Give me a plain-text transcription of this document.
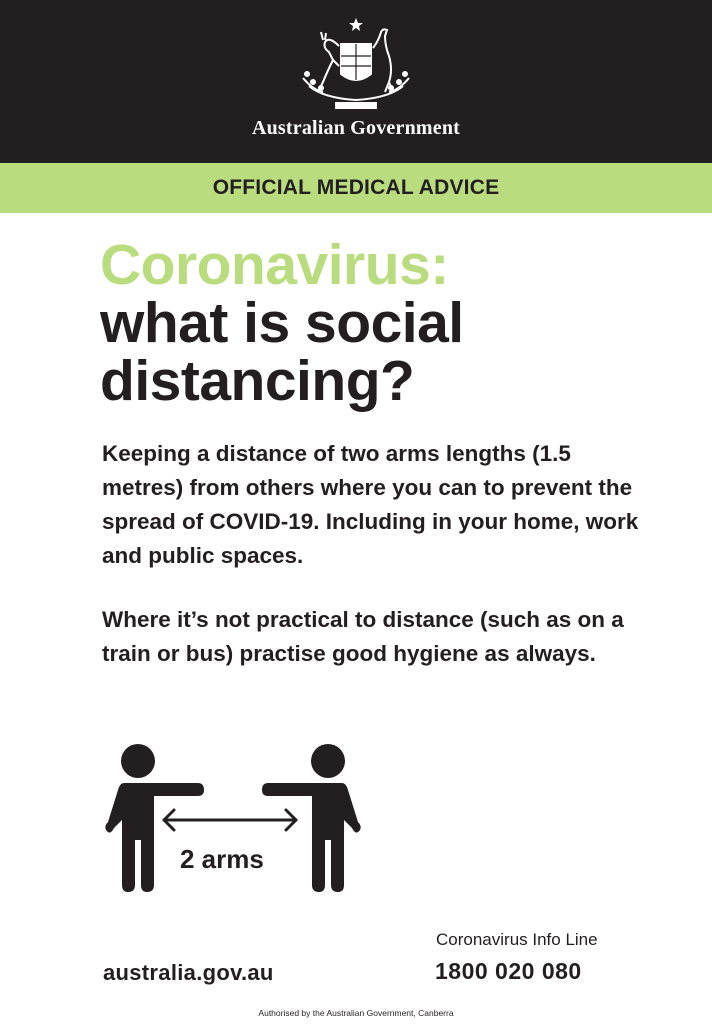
Australian Government
OFFICIAL MEDICAL ADVICE
Coronavirus:
what is social
distancing?
Keeping a distance of two arms lengths (1.5 metres) from others where you can to prevent the spread of COVID-19. Including in your home, work and public spaces.
Where it’s not practical to distance (such as on a train or bus) practise good hygiene as always.
2 arms
Coronavirus Info Line
australia.gov.au	1800 020 080
Authorised by the Australian Government, Canberra
